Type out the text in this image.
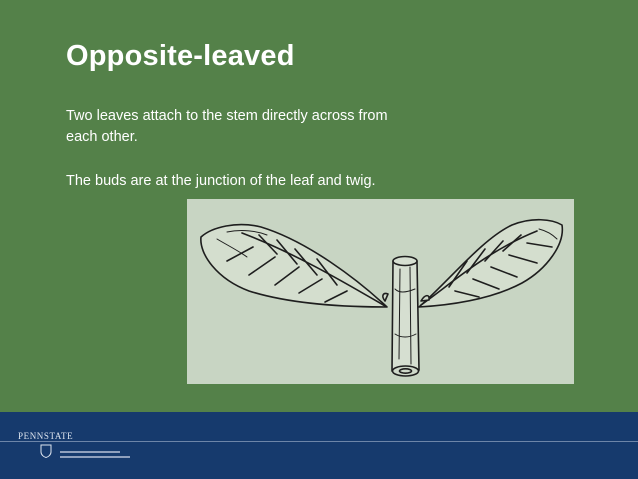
Opposite-leaved

Two leaves attach to the stem directly across from each other.

The buds are at the junction of the leaf and twig.

PENNSTATE
